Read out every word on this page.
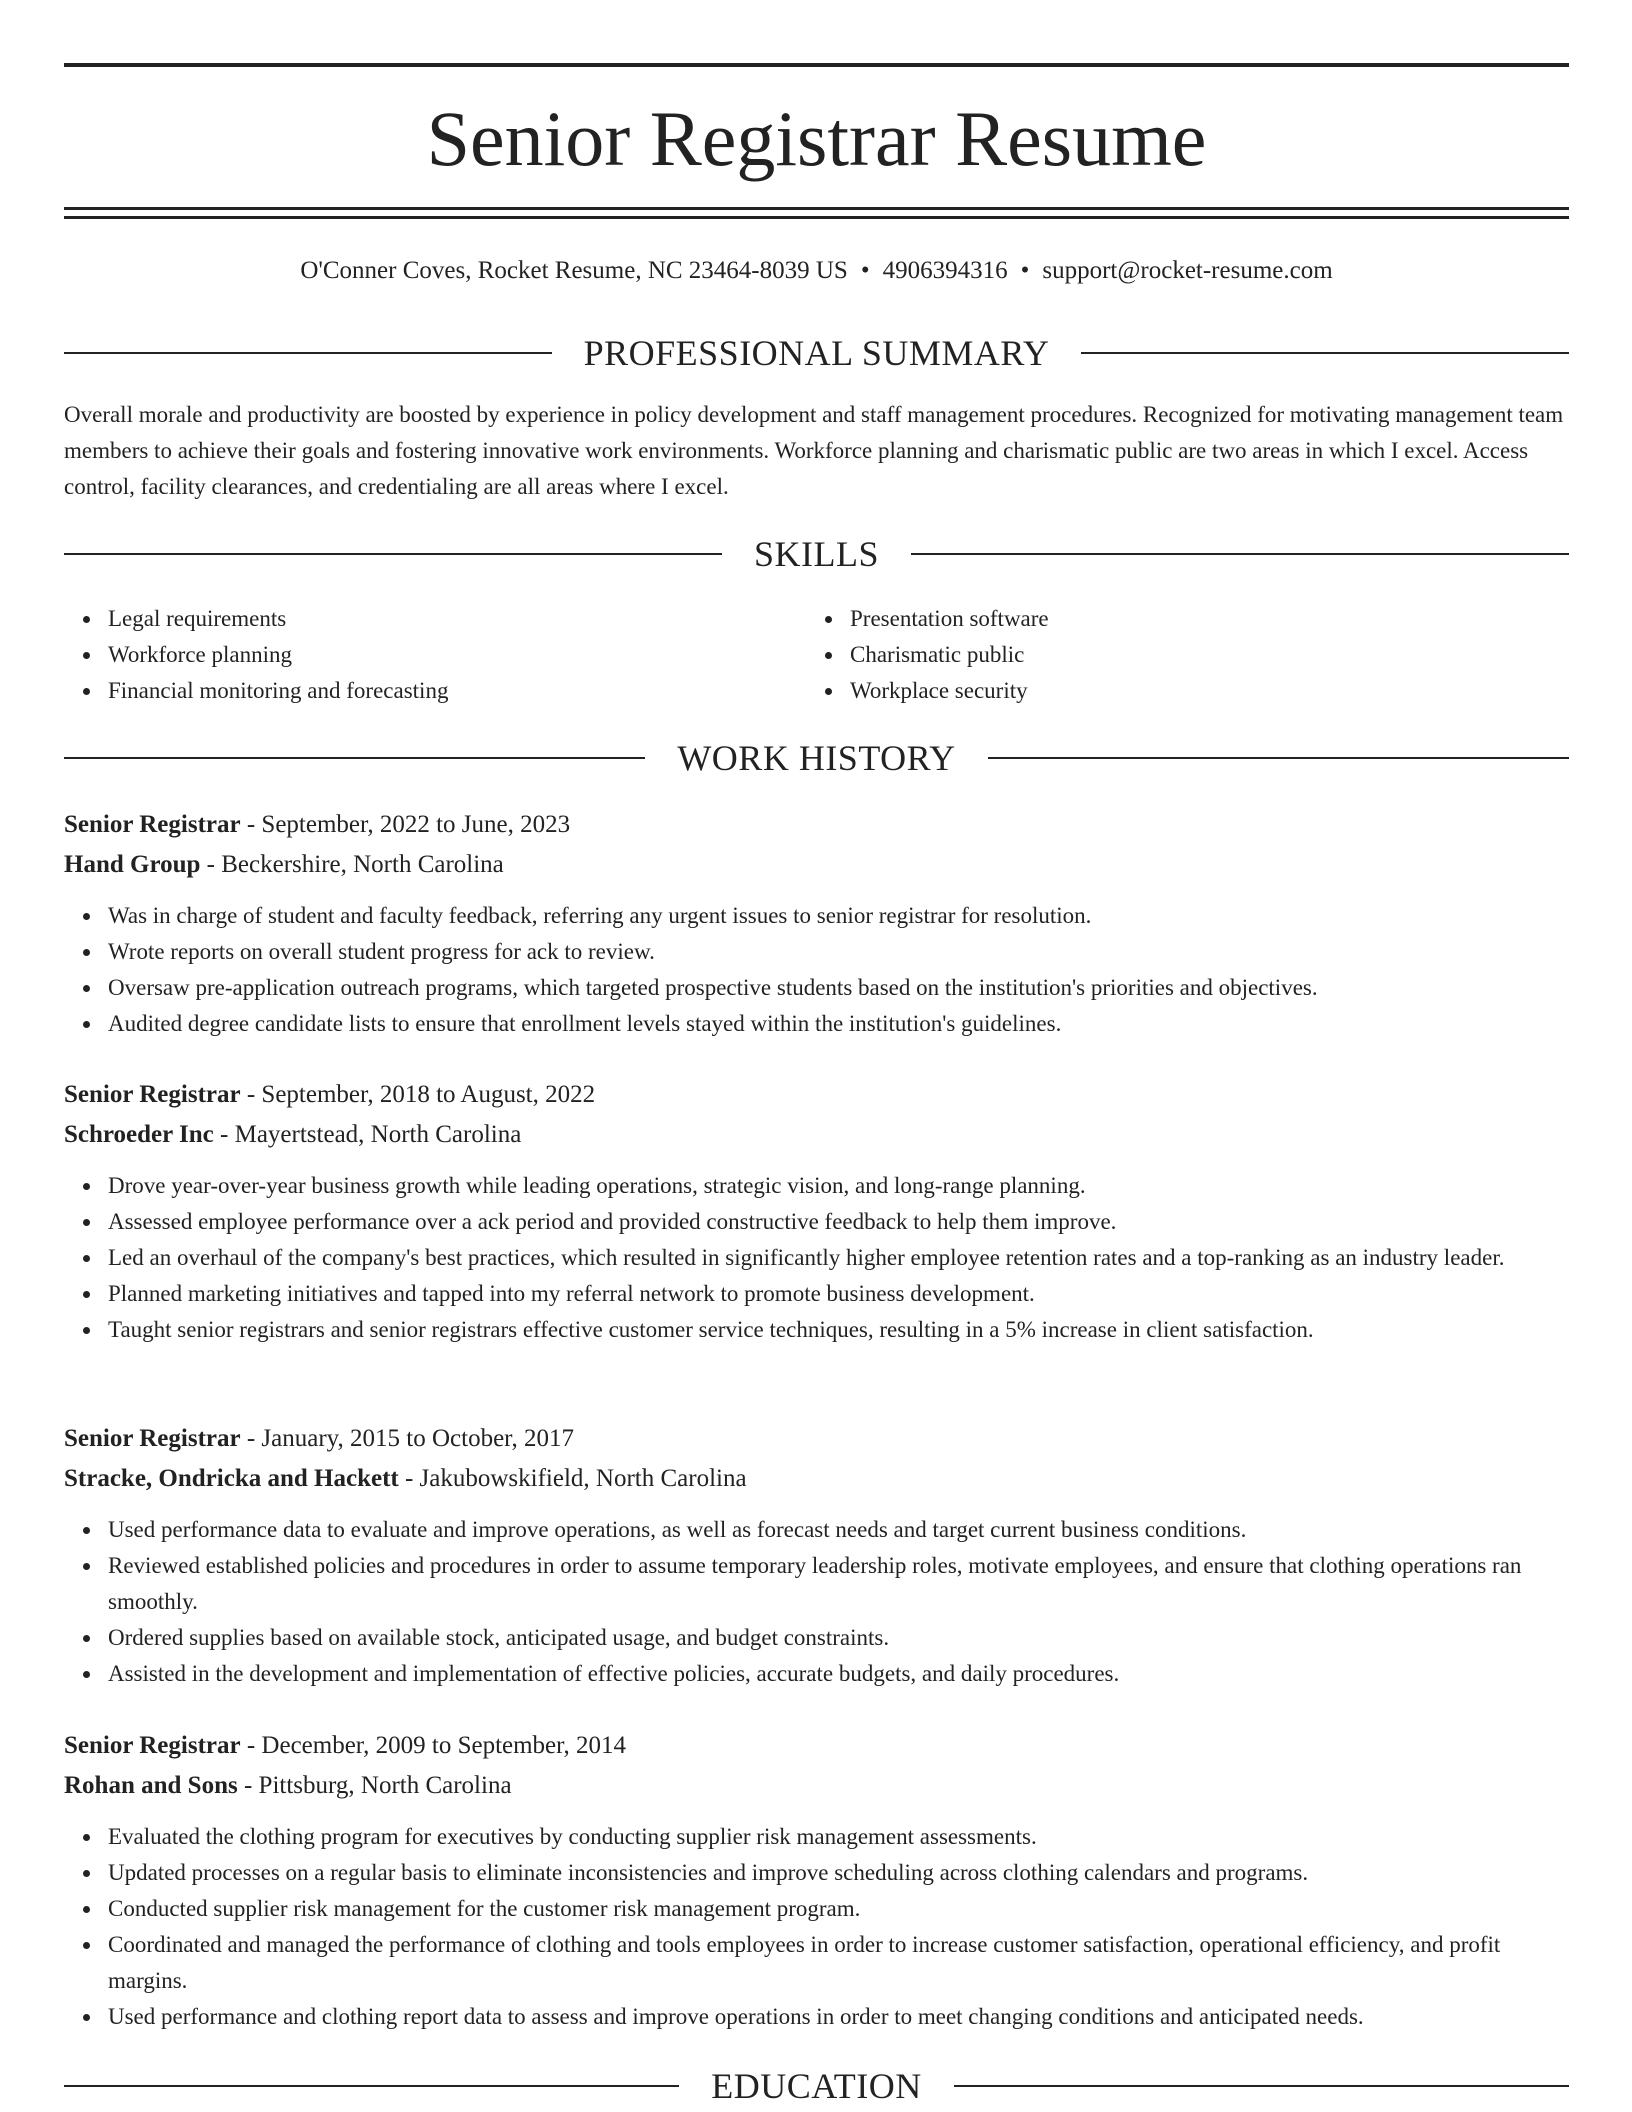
Senior Registrar Resume
O'Conner Coves, Rocket Resume, NC 23464-8039 US • 4906394316 • support@rocket-resume.com
PROFESSIONAL SUMMARY
Overall morale and productivity are boosted by experience in policy development and staff management procedures. Recognized for motivating management team members to achieve their goals and fostering innovative work environments. Workforce planning and charismatic public are two areas in which I excel. Access control, facility clearances, and credentialing are all areas where I excel.
SKILLS
Legal requirements
Workforce planning
Financial monitoring and forecasting
Presentation software
Charismatic public
Workplace security
WORK HISTORY
Senior Registrar - September, 2022 to June, 2023
Hand Group - Beckershire, North Carolina
Was in charge of student and faculty feedback, referring any urgent issues to senior registrar for resolution.
Wrote reports on overall student progress for ack to review.
Oversaw pre-application outreach programs, which targeted prospective students based on the institution's priorities and objectives.
Audited degree candidate lists to ensure that enrollment levels stayed within the institution's guidelines.
Senior Registrar - September, 2018 to August, 2022
Schroeder Inc - Mayertstead, North Carolina
Drove year-over-year business growth while leading operations, strategic vision, and long-range planning.
Assessed employee performance over a ack period and provided constructive feedback to help them improve.
Led an overhaul of the company's best practices, which resulted in significantly higher employee retention rates and a top-ranking as an industry leader.
Planned marketing initiatives and tapped into my referral network to promote business development.
Taught senior registrars and senior registrars effective customer service techniques, resulting in a 5% increase in client satisfaction.
Senior Registrar - January, 2015 to October, 2017
Stracke, Ondricka and Hackett - Jakubowskifield, North Carolina
Used performance data to evaluate and improve operations, as well as forecast needs and target current business conditions.
Reviewed established policies and procedures in order to assume temporary leadership roles, motivate employees, and ensure that clothing operations ran smoothly.
Ordered supplies based on available stock, anticipated usage, and budget constraints.
Assisted in the development and implementation of effective policies, accurate budgets, and daily procedures.
Senior Registrar - December, 2009 to September, 2014
Rohan and Sons - Pittsburg, North Carolina
Evaluated the clothing program for executives by conducting supplier risk management assessments.
Updated processes on a regular basis to eliminate inconsistencies and improve scheduling across clothing calendars and programs.
Conducted supplier risk management for the customer risk management program.
Coordinated and managed the performance of clothing and tools employees in order to increase customer satisfaction, operational efficiency, and profit margins.
Used performance and clothing report data to assess and improve operations in order to meet changing conditions and anticipated needs.
EDUCATION
